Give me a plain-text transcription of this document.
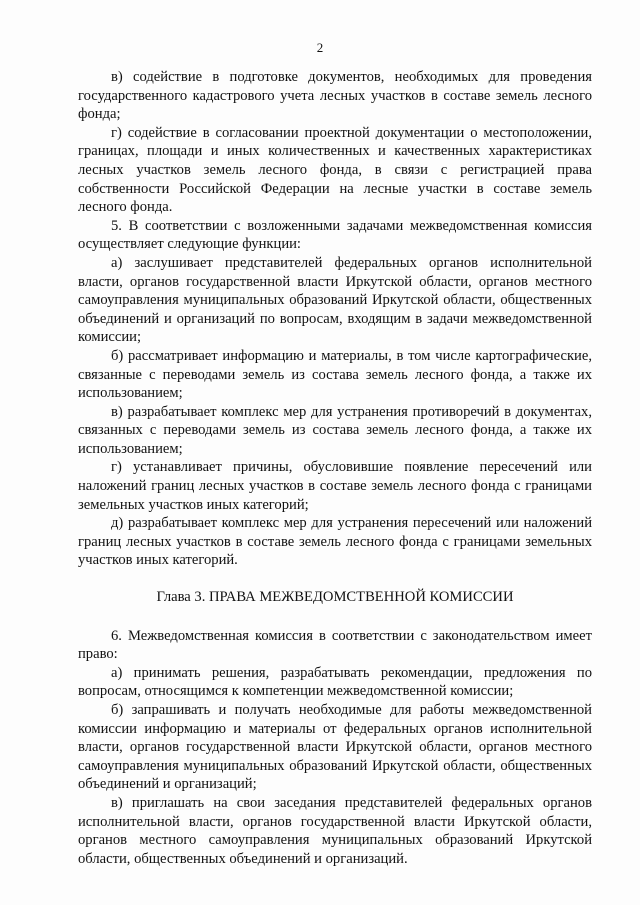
2

в) содействие в подготовке документов, необходимых для проведения государственного кадастрового учета лесных участков в составе земель лесного фонда;

г) содействие в согласовании проектной документации о местоположении, границах, площади и иных количественных и качественных характеристиках лесных участков земель лесного фонда, в связи с регистрацией права собственности Российской Федерации на лесные участки в составе земель лесного фонда.

5. В соответствии с возложенными задачами межведомственная комиссия осуществляет следующие функции:

а) заслушивает представителей федеральных органов исполнительной власти, органов государственной власти Иркутской области, органов местного самоуправления муниципальных образований Иркутской области, общественных объединений и организаций по вопросам, входящим в задачи межведомственной комиссии;

б) рассматривает информацию и материалы, в том числе картографические, связанные с переводами земель из состава земель лесного фонда, а также их использованием;

в) разрабатывает комплекс мер для устранения противоречий в документах, связанных с переводами земель из состава земель лесного фонда, а также их использованием;

г) устанавливает причины, обусловившие появление пересечений или наложений границ лесных участков в составе земель лесного фонда с границами земельных участков иных категорий;

д) разрабатывает комплекс мер для устранения пересечений или наложений границ лесных участков в составе земель лесного фонда с границами земельных участков иных категорий.

Глава 3. ПРАВА МЕЖВЕДОМСТВЕННОЙ КОМИССИИ

6. Межведомственная комиссия в соответствии с законодательством имеет право:

а) принимать решения, разрабатывать рекомендации, предложения по вопросам, относящимся к компетенции межведомственной комиссии;

б) запрашивать и получать необходимые для работы межведомственной комиссии информацию и материалы от федеральных органов исполнительной власти, органов государственной власти Иркутской области, органов местного самоуправления муниципальных образований Иркутской области, общественных объединений и организаций;

в) приглашать на свои заседания представителей федеральных органов исполнительной власти, органов государственной власти Иркутской области, органов местного самоуправления муниципальных образований Иркутской области, общественных объединений и организаций.
